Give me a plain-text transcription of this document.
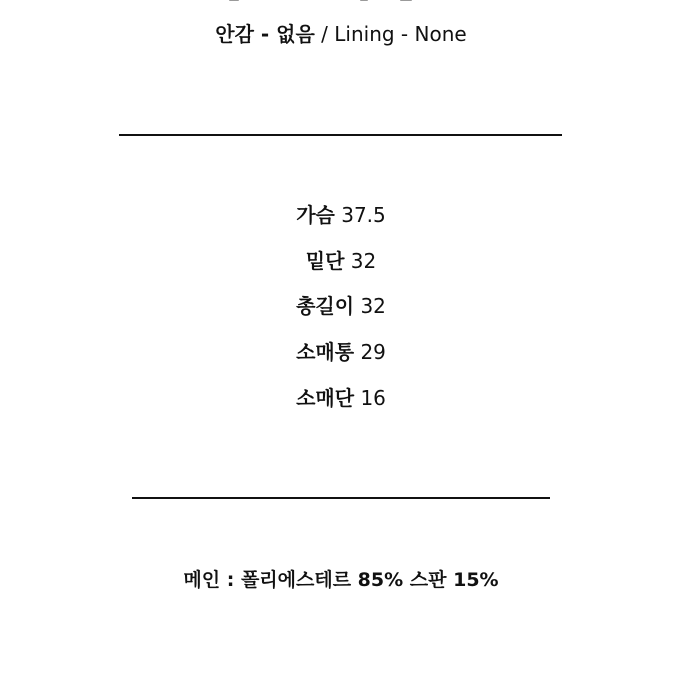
안감 - 없음 / Lining - None
가슴 37.5
밑단 32
총길이 32
소매통 29
소매단 16
메인 : 폴리에스테르 85% 스판 15%
